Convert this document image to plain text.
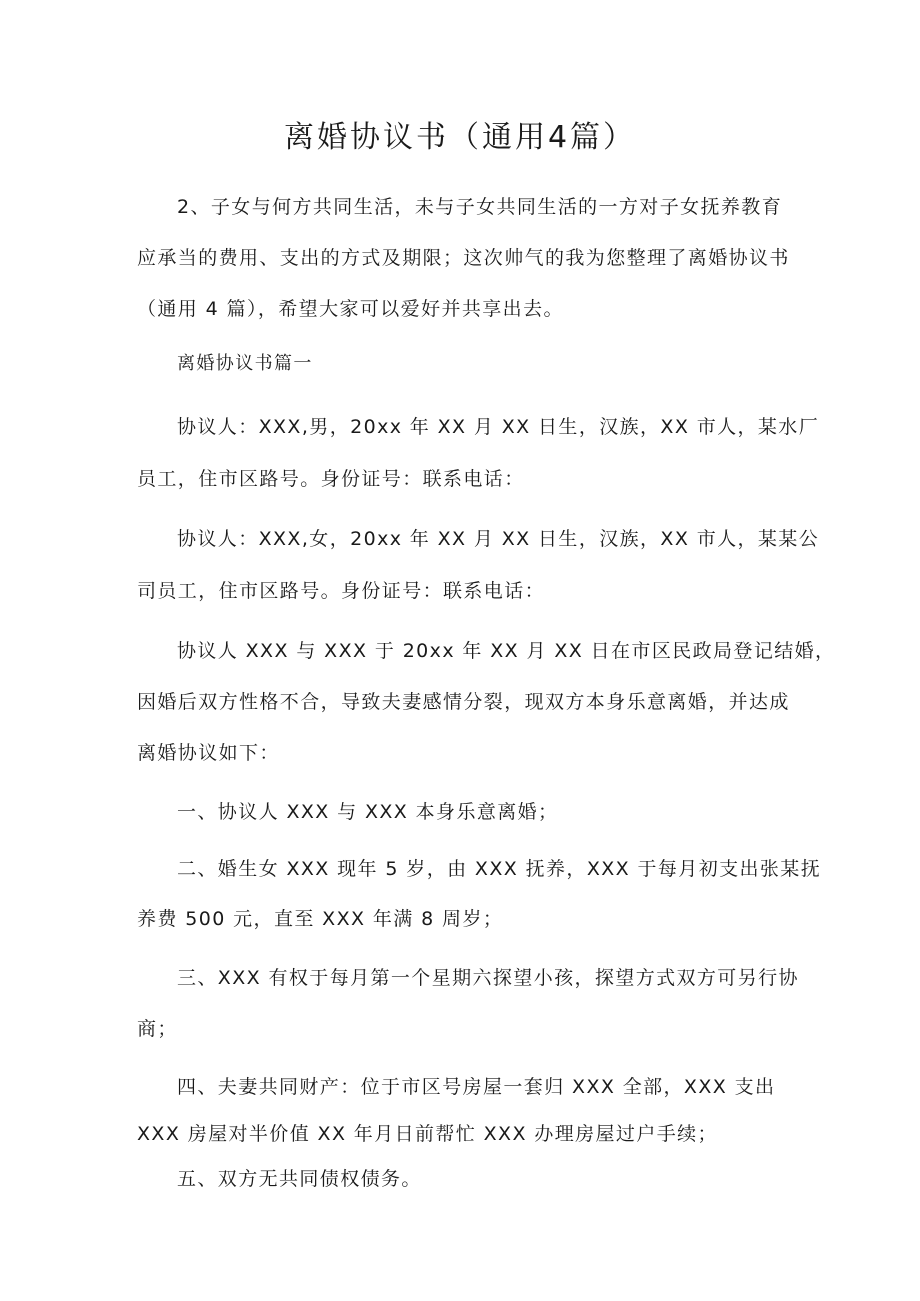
离婚协议书（通用4篇）
2、子女与何方共同生活，未与子女共同生活的一方对子女抚养教育
应承当的费用、支出的方式及期限；这次帅气的我为您整理了离婚协议书
（通用 4 篇），希望大家可以爱好并共享出去。
离婚协议书篇一
协议人：XXX,男，20xx 年 XX 月 XX 日生，汉族，XX 市人，某水厂
员工，住市区路号。身份证号：联系电话：
协议人：XXX,女，20xx 年 XX 月 XX 日生，汉族，XX 市人，某某公
司员工，住市区路号。身份证号：联系电话：
协议人 XXX 与 XXX 于 20xx 年 XX 月 XX 日在市区民政局登记结婚，
因婚后双方性格不合，导致夫妻感情分裂，现双方本身乐意离婚，并达成
离婚协议如下：
一、协议人 XXX 与 XXX 本身乐意离婚；
二、婚生女 XXX 现年 5 岁，由 XXX 抚养，XXX 于每月初支出张某抚
养费 500 元，直至 XXX 年满 8 周岁；
三、XXX 有权于每月第一个星期六探望小孩，探望方式双方可另行协
商；
四、夫妻共同财产：位于市区号房屋一套归 XXX 全部，XXX 支出
XXX 房屋对半价值 XX 年月日前帮忙 XXX 办理房屋过户手续；
五、双方无共同债权债务。
